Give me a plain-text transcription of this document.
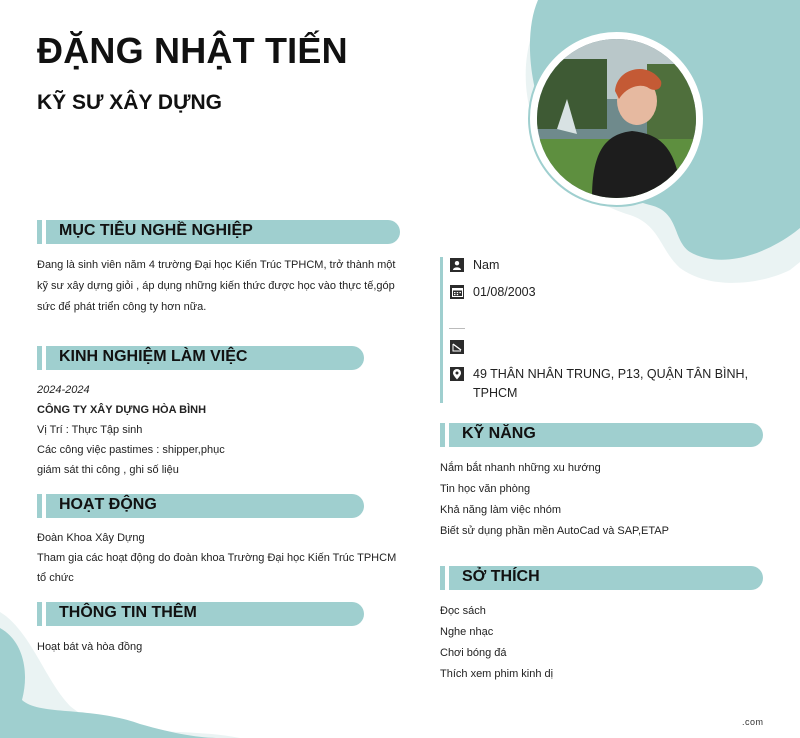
ĐẶNG NHẬT TIẾN
KỸ SƯ XÂY DỰNG
MỤC TIÊU NGHỀ NGHIỆP

Đang là sinh viên năm 4 trường Đại học Kiến Trúc TPHCM, trở thành một

kỹ sư xây dựng giỏi , áp dụng những kiến thức được học vào thực tế,góp

sức để phát triển công ty hơn nữa.

KINH NGHIỆM LÀM VIỆC

2024-2024

CÔNG TY XÂY DỰNG HÒA BÌNH

Vị Trí : Thực Tập sinh

Các công việc pastimes : shipper,phục

giám sát thi công , ghi số liệu

HOẠT ĐỘNG

Đoàn Khoa Xây Dựng

Tham gia các hoạt động do đoàn khoa Trường Đại học Kiến Trúc TPHCM

tổ chức

THÔNG TIN THÊM

Hoạt bát và hòa đồng

Nam
01/08/2003
49 THÂN NHÂN TRUNG, P13, QUẬN TÂN BÌNH,
TPHCM
KỸ NĂNG

Nắm bắt nhanh những xu hướng

Tin học văn phòng

Khả năng làm việc nhóm

Biết sử dụng phần mền AutoCad và SAP,ETAP

SỞ THÍCH

Đọc sách

Nghe nhạc

Chơi bóng đá

Thích xem phim kinh dị

.com
